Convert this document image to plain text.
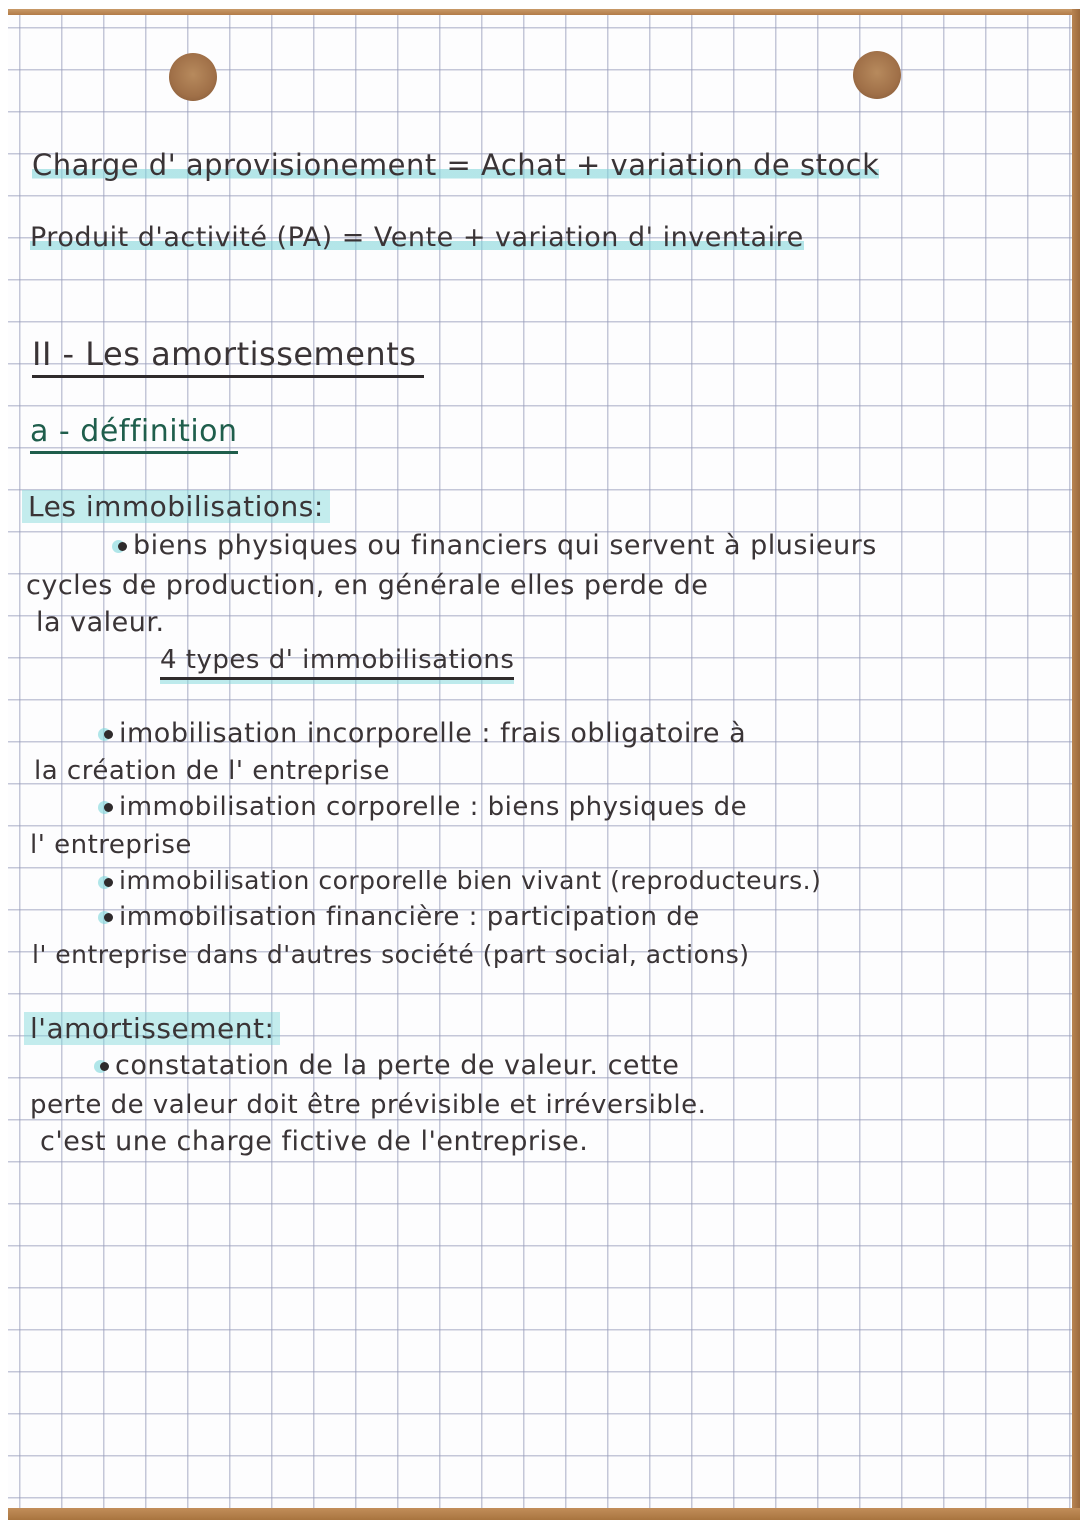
Charge d' aprovisionement = Achat + variation de stock
Produit d'activité (PA) = Vente + variation d' inventaire
II - Les amortissements
a - déffinition
Les immobilisations:
biens physiques ou financiers qui servent à plusieurs
cycles de production, en générale elles perde de
la valeur.
4 types d' immobilisations
imobilisation incorporelle : frais obligatoire à
la création de l' entreprise
immobilisation corporelle : biens physiques de
l' entreprise
immobilisation corporelle bien vivant (reproducteurs.)
immobilisation financière : participation de
l' entreprise dans d'autres société (part social, actions)
l'amortissement:
constatation de la perte de valeur. cette
perte de valeur doit être prévisible et irréversible.
c'est une charge fictive de l'entreprise.
